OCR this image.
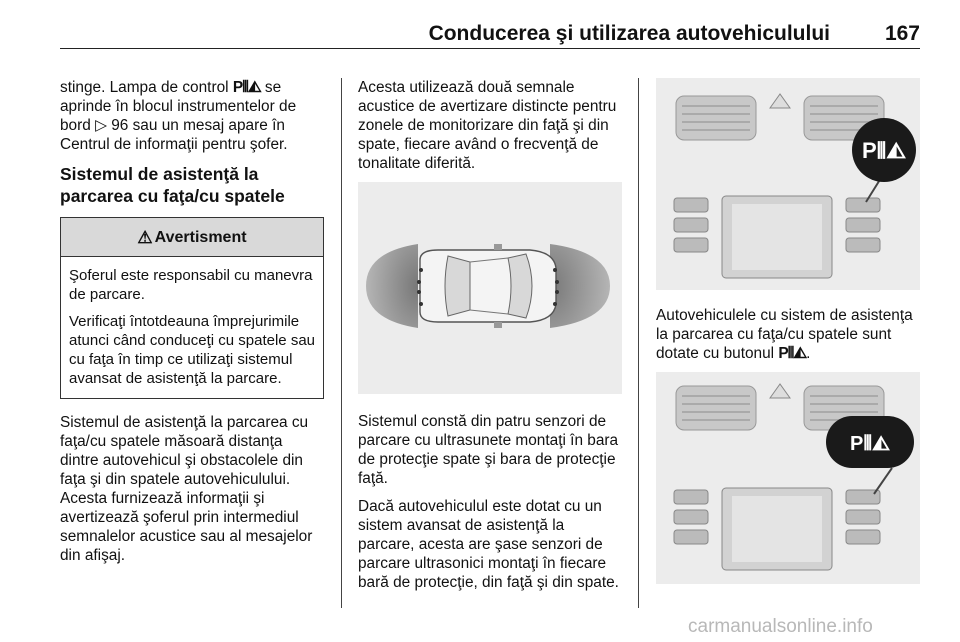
Conducerea şi utilizarea autovehiculului	167

stinge. Lampa de control P⦀◭ se aprinde în blocul instrumentelor de bord ▷ 96 sau un mesaj apare în Centrul de informaţii pentru şofer.

Sistemul de asistenţă la parcarea cu faţa/cu spatele
⚠ Avertisment

Şoferul este responsabil cu manevra de parcare.

Verificaţi întotdeauna împrejurimile atunci când conduceţi cu spatele sau cu faţa în timp ce utilizaţi sistemul avansat de asistenţă la parcare.

Sistemul de asistenţă la parcarea cu faţa/cu spatele măsoară distanţa dintre autovehicul şi obstacolele din faţa şi din spatele autovehiculului. Acesta furnizează informaţii şi avertizează şoferul prin intermediul semnalelor acustice sau al mesajelor din afişaj.

Acesta utilizează două semnale acustice de avertizare distincte pentru zonele de monitorizare din faţă şi din spate, fiecare având o frecvenţă de tonalitate diferită.

Sistemul constă din patru senzori de parcare cu ultrasunete montaţi în bara de protecţie spate şi bara de protecţie faţă.

Dacă autovehiculul este dotat cu un sistem avansat de asistenţă la parcare, acesta are şase senzori de parcare ultrasonici montaţi în fiecare bară de protecţie, din faţă şi din spate.

P⦀◭

Autovehiculele cu sistem de asistenţa la parcarea cu faţa/cu spatele sunt dotate cu butonul P⦀◭.

P⦀◭
carmanualsonline.info
